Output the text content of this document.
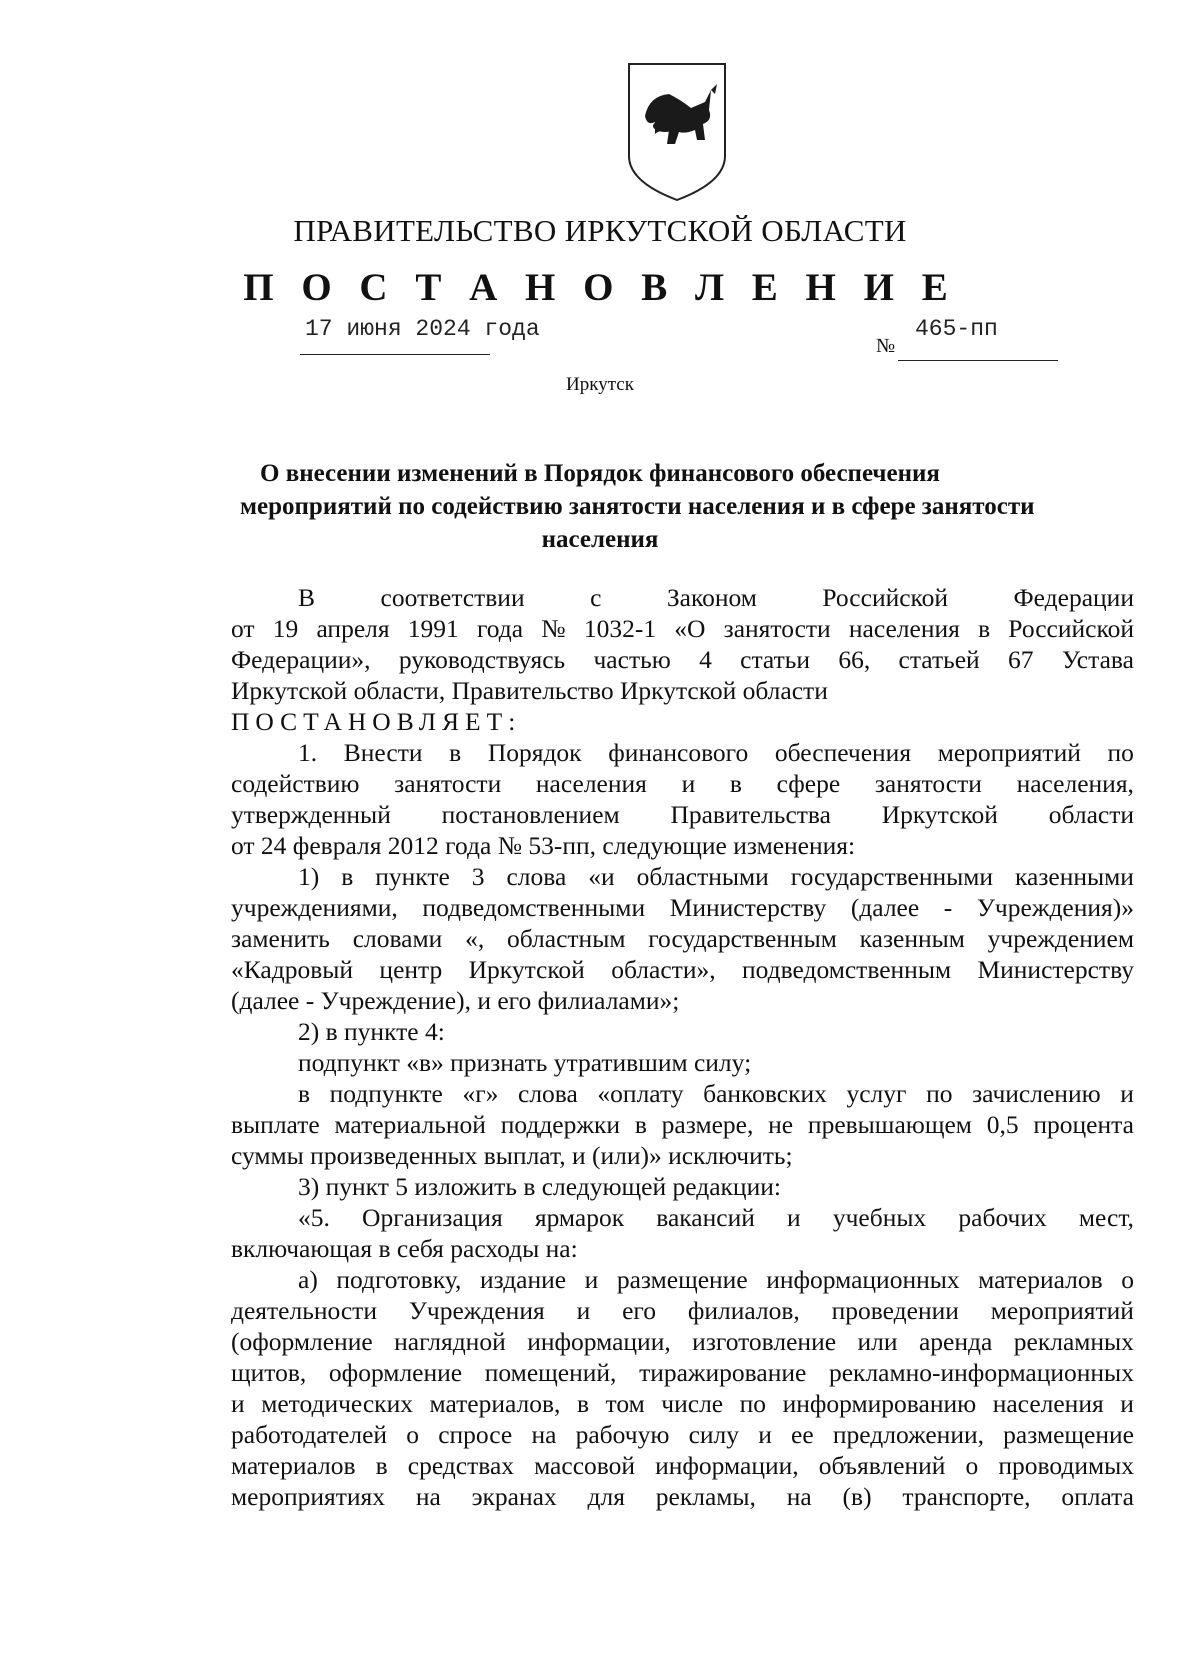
ПРАВИТЕЛЬСТВО ИРКУТСКОЙ ОБЛАСТИ
П О С Т А Н О В Л Е Н И Е
17 июня 2024 года
№
465-пп
Иркутск
О внесении изменений в Порядок финансового обеспечения
мероприятий по содействию занятости населения и в сфере занятости
населения
В	соответствии	с	Законом	Российской	Федерации
от 19 апреля 1991 года № 1032-1 «О занятости населения в Российской
Федерации», руководствуясь частью 4 статьи 66, статьей 67 Устава
Иркутской области, Правительство Иркутской области
ПОСТАНОВЛЯЕТ:
1. Внести в Порядок финансового обеспечения мероприятий по
содействию занятости населения и в сфере занятости населения,
утвержденный постановлением Правительства Иркутской области
от 24 февраля 2012 года № 53-пп, следующие изменения:
1) в пункте 3 слова «и областными государственными казенными
учреждениями, подведомственными Министерству (далее - Учреждения)»
заменить словами «, областным государственным казенным учреждением
«Кадровый центр Иркутской области», подведомственным Министерству
(далее - Учреждение), и его филиалами»;
2) в пункте 4:
подпункт «в» признать утратившим силу;
в подпункте «г» слова «оплату банковских услуг по зачислению и
выплате материальной поддержки в размере, не превышающем 0,5 процента
суммы произведенных выплат, и (или)» исключить;
3) пункт 5 изложить в следующей редакции:
«5. Организация ярмарок вакансий и учебных рабочих мест,
включающая в себя расходы на:
а) подготовку, издание и размещение информационных материалов о
деятельности Учреждения и его филиалов, проведении мероприятий
(оформление наглядной информации, изготовление или аренда рекламных
щитов, оформление помещений, тиражирование рекламно-информационных
и методических материалов, в том числе по информированию населения и
работодателей о спросе на рабочую силу и ее предложении, размещение
материалов в средствах массовой информации, объявлений о проводимых
мероприятиях на экранах для рекламы, на (в) транспорте, оплата
